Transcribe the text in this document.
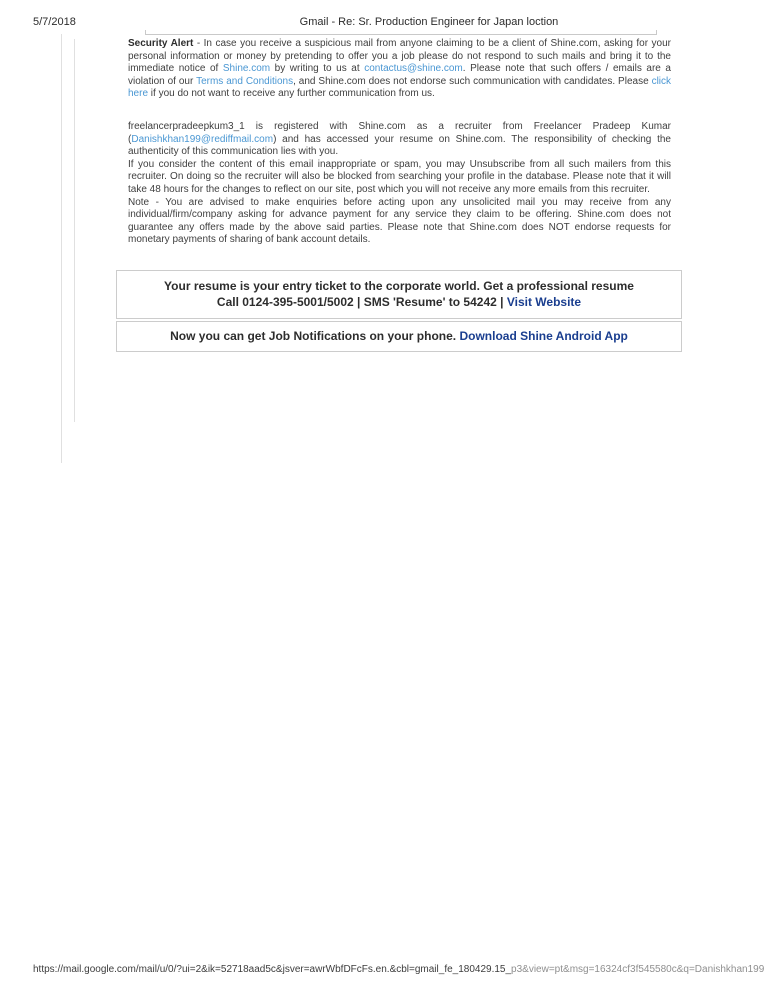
5/7/2018	Gmail - Re: Sr. Production Engineer for Japan loction

Security Alert - In case you receive a suspicious mail from anyone claiming to be a client of Shine.com, asking for your personal information or money by pretending to offer you a job please do not respond to such mails and bring it to the immediate notice of Shine.com by writing to us at contactus@shine.com. Please note that such offers / emails are a violation of our Terms and Conditions, and Shine.com does not endorse such communication with candidates. Please click here if you do not want to receive any further communication from us.

freelancerpradeepkum3_1 is registered with Shine.com as a recruiter from Freelancer Pradeep Kumar (Danishkhan199@rediffmail.com) and has accessed your resume on Shine.com. The responsibility of checking the authenticity of this communication lies with you.

If you consider the content of this email inappropriate or spam, you may Unsubscribe from all such mailers from this recruiter. On doing so the recruiter will also be blocked from searching your profile in the database. Please note that it will take 48 hours for the changes to reflect on our site, post which you will not receive any more emails from this recruiter.

Note - You are advised to make enquiries before acting upon any unsolicited mail you may receive from any individual/firm/company asking for advance payment for any service they claim to be offering. Shine.com does not guarantee any offers made by the above said parties. Please note that Shine.com does NOT endorse requests for monetary payments of sharing of bank account details.

Your resume is your entry ticket to the corporate world. Get a professional resume
Call 0124-395-5001/5002 | SMS 'Resume' to 54242 | Visit Website
Now you can get Job Notifications on your phone. Download Shine Android App
https://mail.google.com/mail/u/0/?ui=2&ik=52718aad5c&jsver=awrWbfDFcFs.en.&cbl=gmail_fe_180429.15_p3&view=pt&msg=16324cf3f545580c&q=Danishkhan199
